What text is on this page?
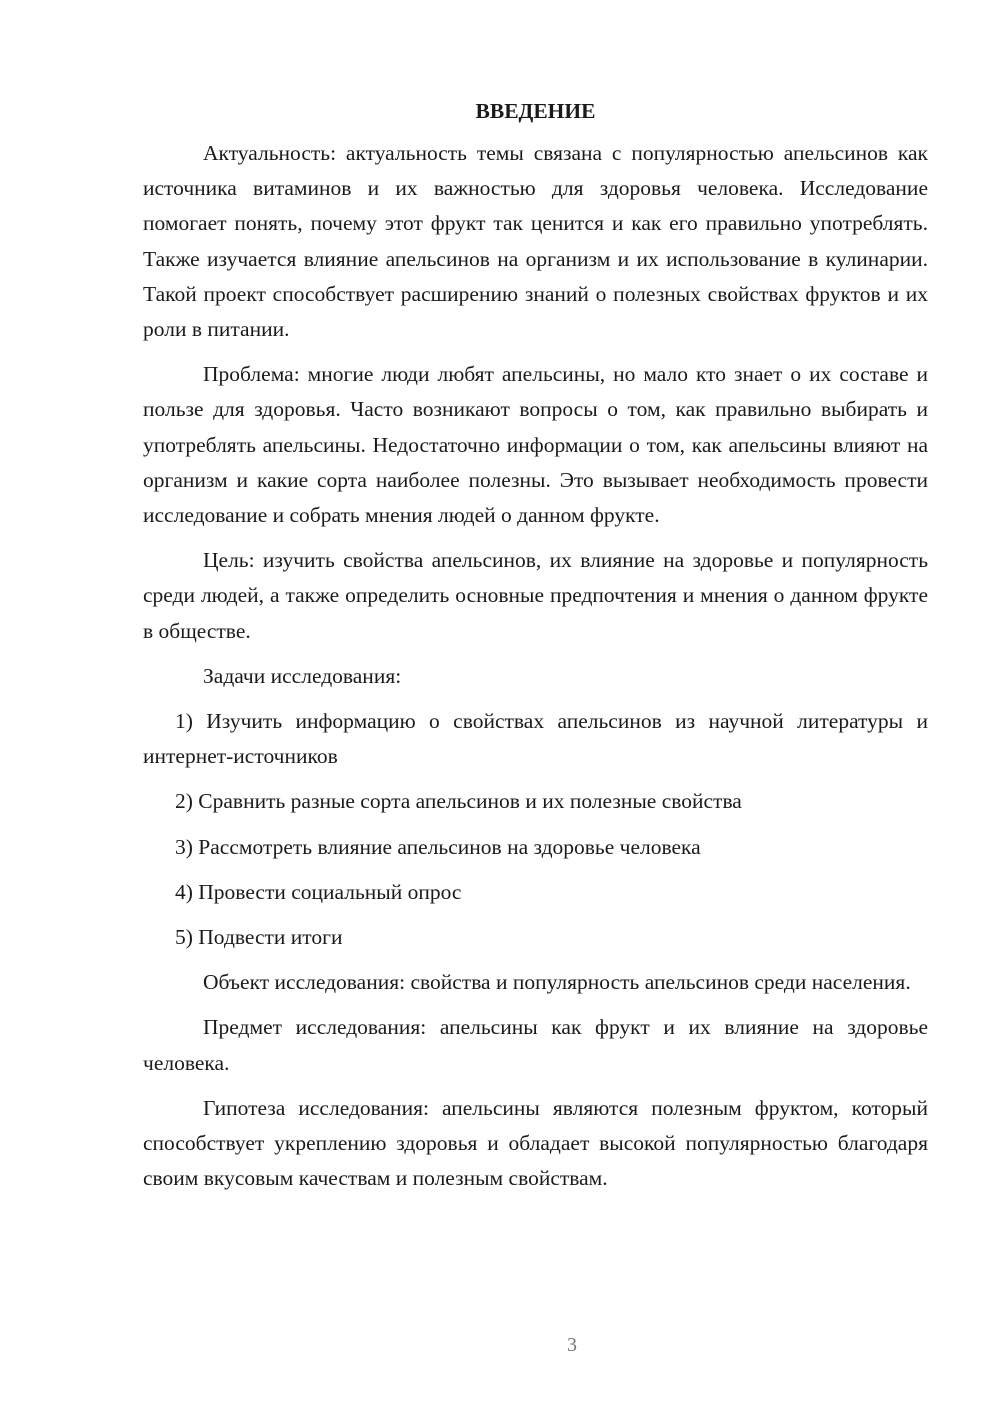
ВВЕДЕНИЕ

Актуальность: актуальность темы связана с популярностью апельсинов как источника витаминов и их важностью для здоровья человека. Исследование помогает понять, почему этот фрукт так ценится и как его правильно употреблять. Также изучается влияние апельсинов на организм и их использование в кулинарии. Такой проект способствует расширению знаний о полезных свойствах фруктов и их роли в питании.

Проблема: многие люди любят апельсины, но мало кто знает о их составе и пользе для здоровья. Часто возникают вопросы о том, как правильно выбирать и употреблять апельсины. Недостаточно информации о том, как апельсины влияют на организм и какие сорта наиболее полезны. Это вызывает необходимость провести исследование и собрать мнения людей о данном фрукте.

Цель: изучить свойства апельсинов, их влияние на здоровье и популярность среди людей, а также определить основные предпочтения и мнения о данном фрукте в обществе.

Задачи исследования:

1) Изучить информацию о свойствах апельсинов из научной литературы и интернет-источников

2) Сравнить разные сорта апельсинов и их полезные свойства

3) Рассмотреть влияние апельсинов на здоровье человека

4) Провести социальный опрос

5) Подвести итоги

Объект исследования: свойства и популярность апельсинов среди населения.

Предмет исследования: апельсины как фрукт и их влияние на здоровье человека.

Гипотеза исследования: апельсины являются полезным фруктом, который способствует укреплению здоровья и обладает высокой популярностью благодаря своим вкусовым качествам и полезным свойствам.

3
